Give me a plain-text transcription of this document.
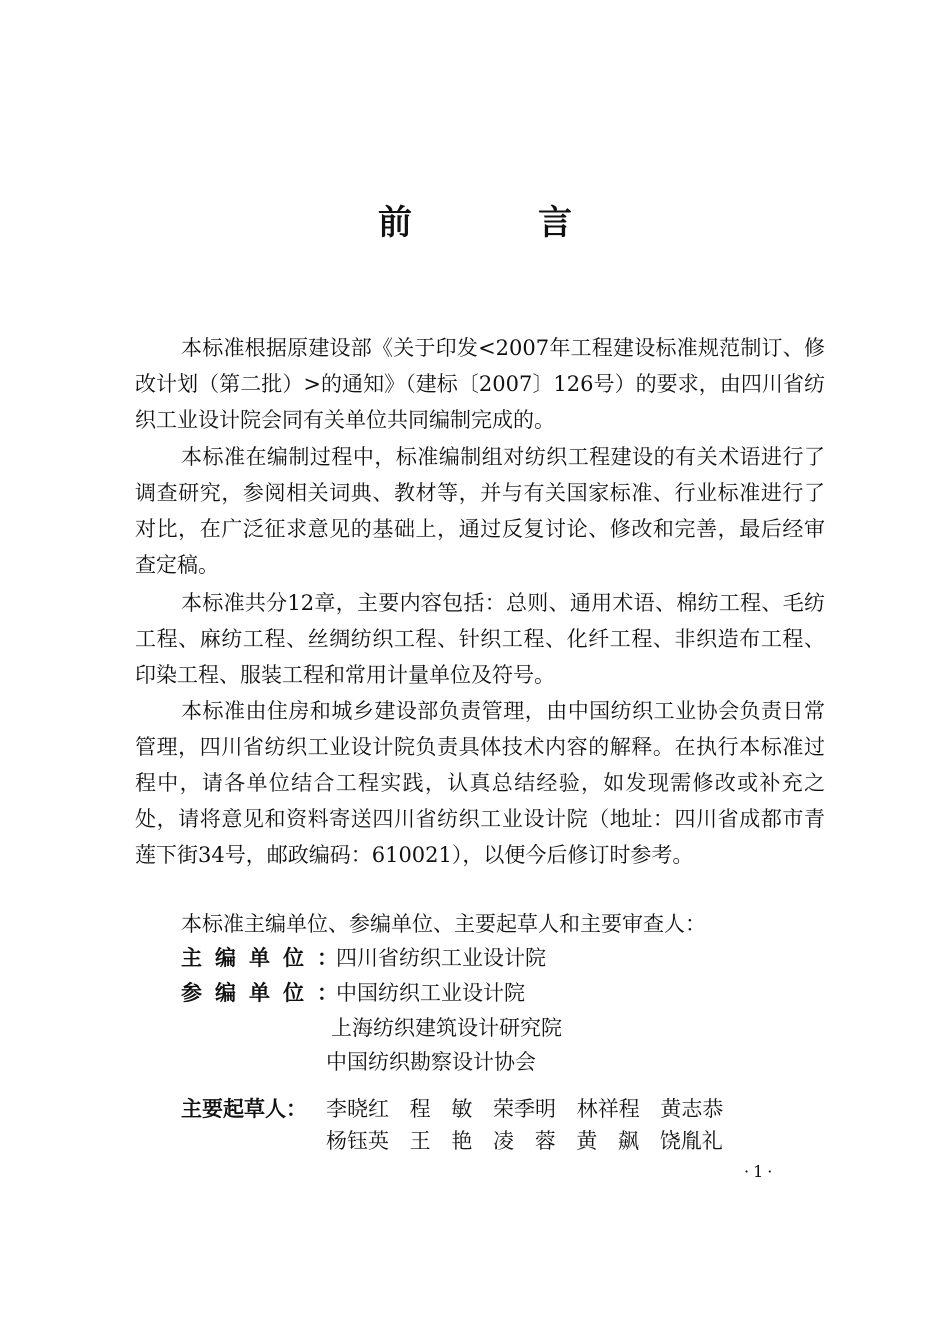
前　言
本标准根据原建设部《关于印发<2007年工程建设标准规范制订、修改计划（第二批）>的通知》（建标〔2007〕126号）的要求，由四川省纺织工业设计院会同有关单位共同编制完成的。
本标准在编制过程中，标准编制组对纺织工程建设的有关术语进行了调查研究，参阅相关词典、教材等，并与有关国家标准、行业标准进行了对比，在广泛征求意见的基础上，通过反复讨论、修改和完善，最后经审查定稿。
本标准共分12章，主要内容包括：总则、通用术语、棉纺工程、毛纺工程、麻纺工程、丝绸纺织工程、针织工程、化纤工程、非织造布工程、印染工程、服装工程和常用计量单位及符号。
本标准由住房和城乡建设部负责管理，由中国纺织工业协会负责日常管理，四川省纺织工业设计院负责具体技术内容的解释。在执行本标准过程中，请各单位结合工程实践，认真总结经验，如发现需修改或补充之处，请将意见和资料寄送四川省纺织工业设计院（地址：四川省成都市青莲下街34号，邮政编码：610021），以便今后修订时参考。
本标准主编单位、参编单位、主要起草人和主要审查人：
主编单位：
四川省纺织工业设计院
参编单位：
中国纺织工业设计院
上海纺织建筑设计研究院
中国纺织勘察设计协会
主要起草人： 李晓红 程 敏 荣季明 林祥程 黄志恭
杨钰英 王 艳 凌 蓉 黄 飙 饶胤礼
·1·
